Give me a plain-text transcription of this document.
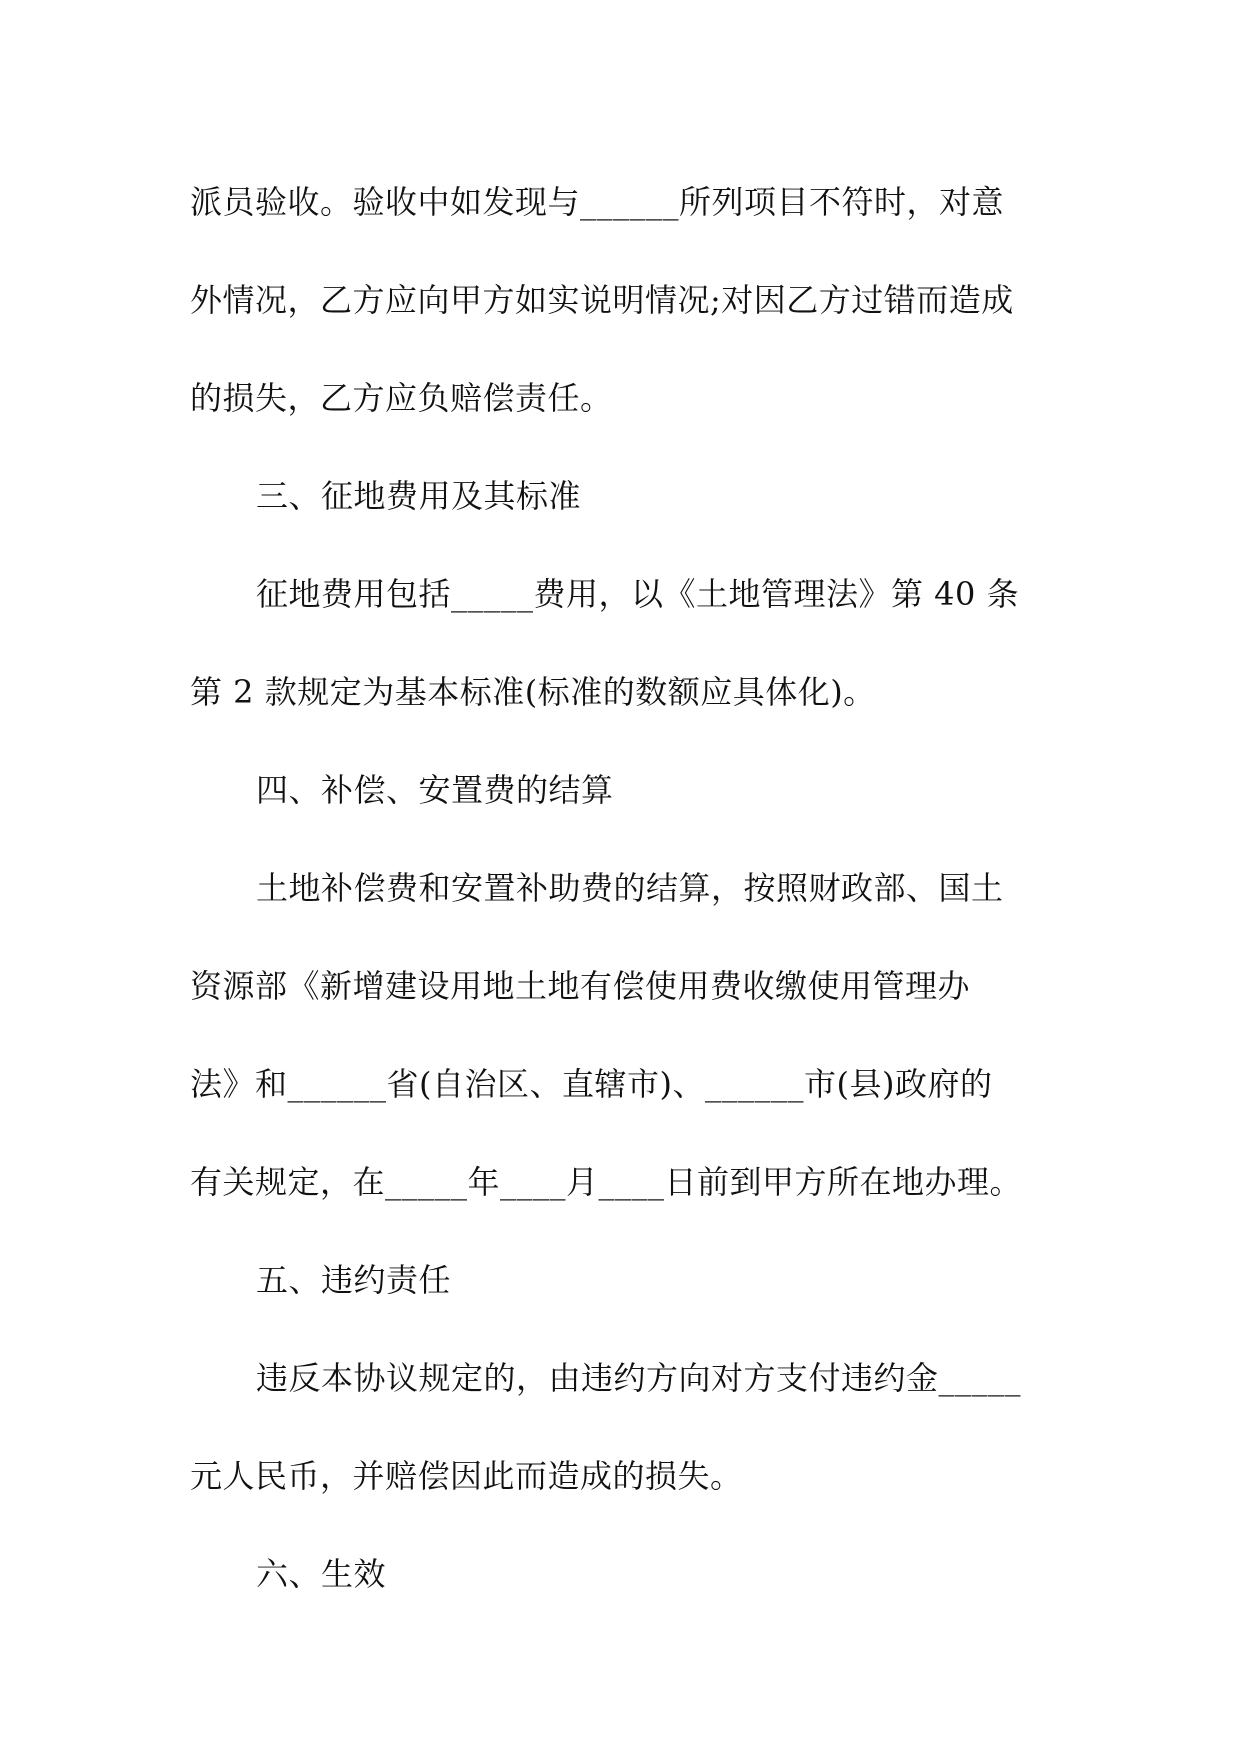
派员验收。验收中如发现与______所列项目不符时，对意
外情况，乙方应向甲方如实说明情况;对因乙方过错而造成
的损失，乙方应负赔偿责任。
三、征地费用及其标准
征地费用包括_____费用，以《土地管理法》第 40 条
第 2 款规定为基本标准(标准的数额应具体化)。
四、补偿、安置费的结算
土地补偿费和安置补助费的结算，按照财政部、国土
资源部《新增建设用地土地有偿使用费收缴使用管理办
法》和______省(自治区、直辖市)、______市(县)政府的
有关规定，在_____年____月____日前到甲方所在地办理。
五、违约责任
违反本协议规定的，由违约方向对方支付违约金_____
元人民币，并赔偿因此而造成的损失。
六、生效
